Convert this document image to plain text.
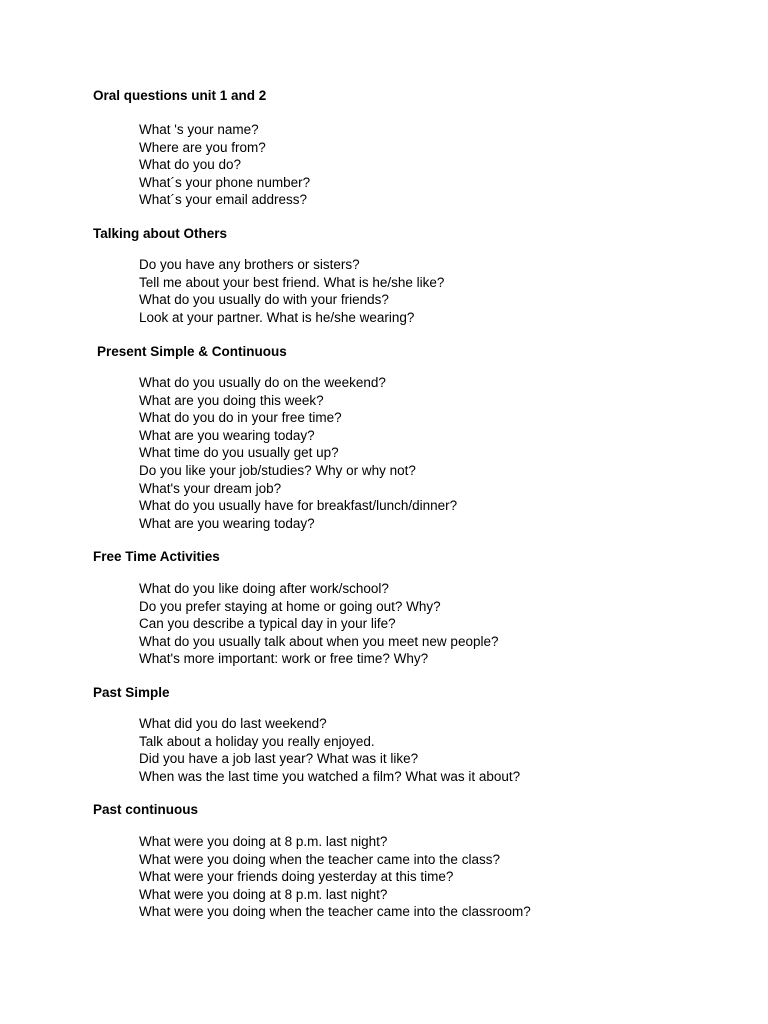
Oral questions unit 1 and 2
What 's your name?
Where are you from?
What do you do?
What´s your phone number?
What´s your email address?
Talking about Others
Do you have any brothers or sisters?
Tell me about your best friend. What is he/she like?
What do you usually do with your friends?
Look at your partner. What is he/she wearing?
Present Simple & Continuous
What do you usually do on the weekend?
What are you doing this week?
What do you do in your free time?
What are you wearing today?
What time do you usually get up?
Do you like your job/studies? Why or why not?
What's your dream job?
What do you usually have for breakfast/lunch/dinner?
What are you wearing today?
Free Time Activities
What do you like doing after work/school?
Do you prefer staying at home or going out? Why?
Can you describe a typical day in your life?
What do you usually talk about when you meet new people?
What's more important: work or free time? Why?
Past Simple
What did you do last weekend?
Talk about a holiday you really enjoyed.
Did you have a job last year? What was it like?
When was the last time you watched a film? What was it about?
Past continuous
What were you doing at 8 p.m. last night?
What were you doing when the teacher came into the class?
What were your friends doing yesterday at this time?
What were you doing at 8 p.m. last night?
What were you doing when the teacher came into the classroom?
